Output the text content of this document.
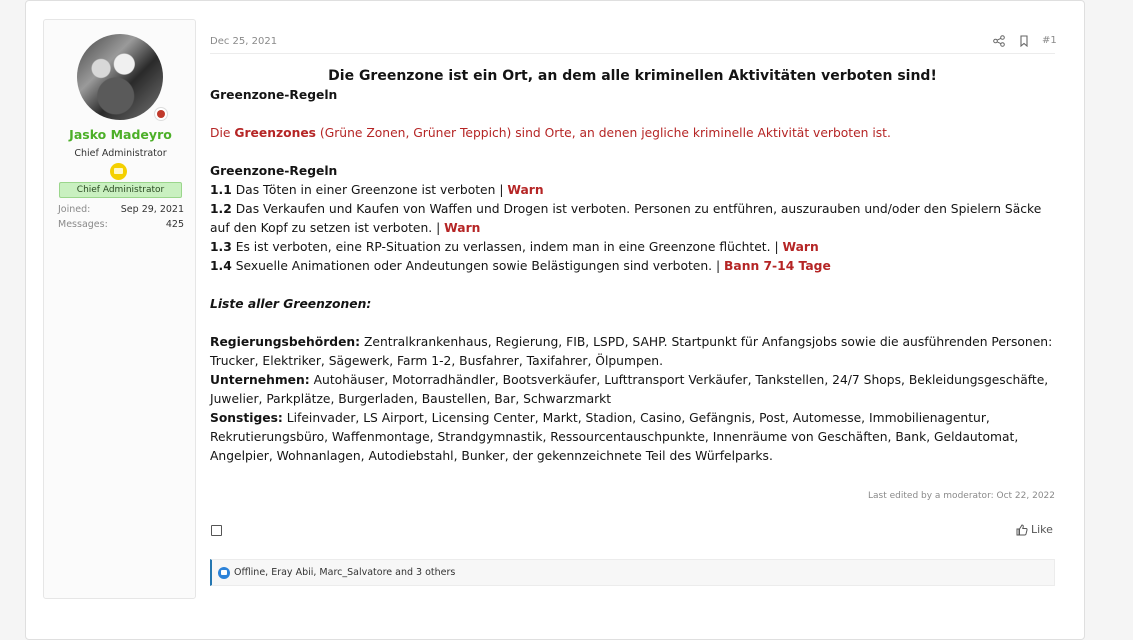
Jasko Madeyro
Chief Administrator
Chief Administrator
Joined:	Sep 29, 2021
Messages:	425
Dec 25, 2021	#1

Die Greenzone ist ein Ort, an dem alle kriminellen Aktivitäten verboten sind!

Greenzone-Regeln

Die Greenzones (Grüne Zonen, Grüner Teppich) sind Orte, an denen jegliche kriminelle Aktivität verboten ist.

Greenzone-Regeln

1.1 Das Töten in einer Greenzone ist verboten | Warn

1.2 Das Verkaufen und Kaufen von Waffen und Drogen ist verboten. Personen zu entführen, auszurauben und/oder den Spielern Säcke auf den Kopf zu setzen ist verboten. | Warn

1.3 Es ist verboten, eine RP-Situation zu verlassen, indem man in eine Greenzone flüchtet. | Warn

1.4 Sexuelle Animationen oder Andeutungen sowie Belästigungen sind verboten. | Bann 7-14 Tage

Liste aller Greenzonen:

Regierungsbehörden: Zentralkrankenhaus, Regierung, FIB, LSPD, SAHP. Startpunkt für Anfangsjobs sowie die ausführenden Personen: Trucker, Elektriker, Sägewerk, Farm 1-2, Busfahrer, Taxifahrer, Ölpumpen.

Unternehmen: Autohäuser, Motorradhändler, Bootsverkäufer, Lufttransport Verkäufer, Tankstellen, 24/7 Shops, Bekleidungsgeschäfte, Juwelier, Parkplätze, Burgerladen, Baustellen, Bar, Schwarzmarkt

Sonstiges: Lifeinvader, LS Airport, Licensing Center, Markt, Stadion, Casino, Gefängnis, Post, Automesse, Immobilienagentur, Rekrutierungsbüro, Waffenmontage, Strandgymnastik, Ressourcentauschpunkte, Innenräume von Geschäften, Bank, Geldautomat, Angelpier, Wohnanlagen, Autodiebstahl, Bunker, der gekennzeichnete Teil des Würfelparks.

Last edited by a moderator: Oct 22, 2022
Like
Offline, Eray Abii, Marc_Salvatore and 3 others
